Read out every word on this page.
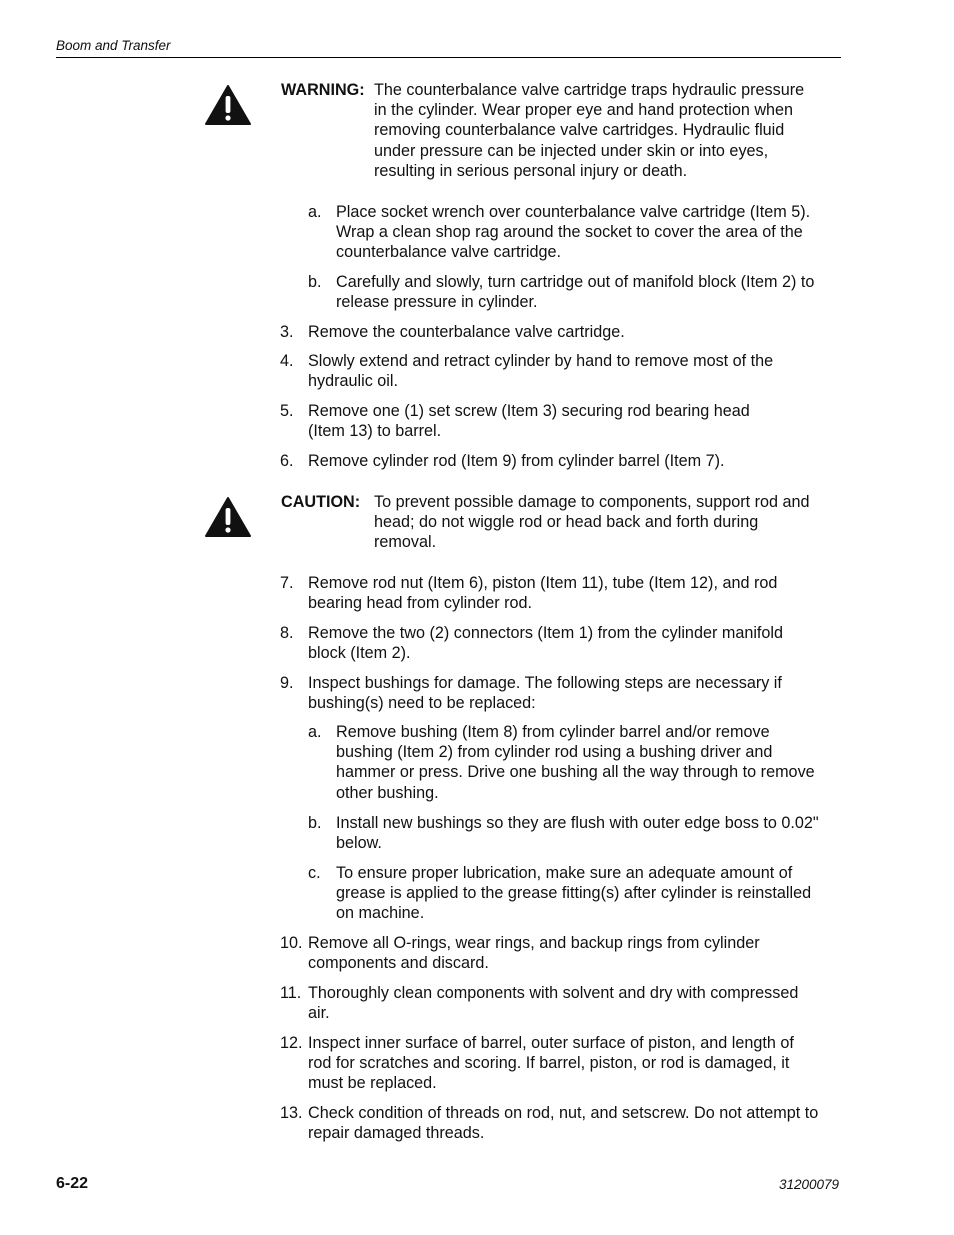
Boom and Transfer
WARNING: The counterbalance valve cartridge traps hydraulic pressure
in the cylinder. Wear proper eye and hand protection when
removing counterbalance valve cartridges. Hydraulic fluid
under pressure can be injected under skin or into eyes,
resulting in serious personal injury or death.
a. Place socket wrench over counterbalance valve cartridge (Item 5).
Wrap a clean shop rag around the socket to cover the area of the
counterbalance valve cartridge.
b. Carefully and slowly, turn cartridge out of manifold block (Item 2) to
release pressure in cylinder.
3. Remove the counterbalance valve cartridge.
4. Slowly extend and retract cylinder by hand to remove most of the
hydraulic oil.
5. Remove one (1) set screw (Item 3) securing rod bearing head
(Item 13) to barrel.
6. Remove cylinder rod (Item 9) from cylinder barrel (Item 7).
CAUTION: To prevent possible damage to components, support rod and
head; do not wiggle rod or head back and forth during
removal.
7. Remove rod nut (Item 6), piston (Item 11), tube (Item 12), and rod
bearing head from cylinder rod.
8. Remove the two (2) connectors (Item 1) from the cylinder manifold
block (Item 2).
9. Inspect bushings for damage. The following steps are necessary if
bushing(s) need to be replaced:
a. Remove bushing (Item 8) from cylinder barrel and/or remove
bushing (Item 2) from cylinder rod using a bushing driver and
hammer or press. Drive one bushing all the way through to remove
other bushing.
b. Install new bushings so they are flush with outer edge boss to 0.02"
below.
c. To ensure proper lubrication, make sure an adequate amount of
grease is applied to the grease fitting(s) after cylinder is reinstalled
on machine.
10. Remove all O-rings, wear rings, and backup rings from cylinder
components and discard.
11. Thoroughly clean components with solvent and dry with compressed
air.
12. Inspect inner surface of barrel, outer surface of piston, and length of
rod for scratches and scoring. If barrel, piston, or rod is damaged, it
must be replaced.
13. Check condition of threads on rod, nut, and setscrew. Do not attempt to
repair damaged threads.
6-22	31200079
